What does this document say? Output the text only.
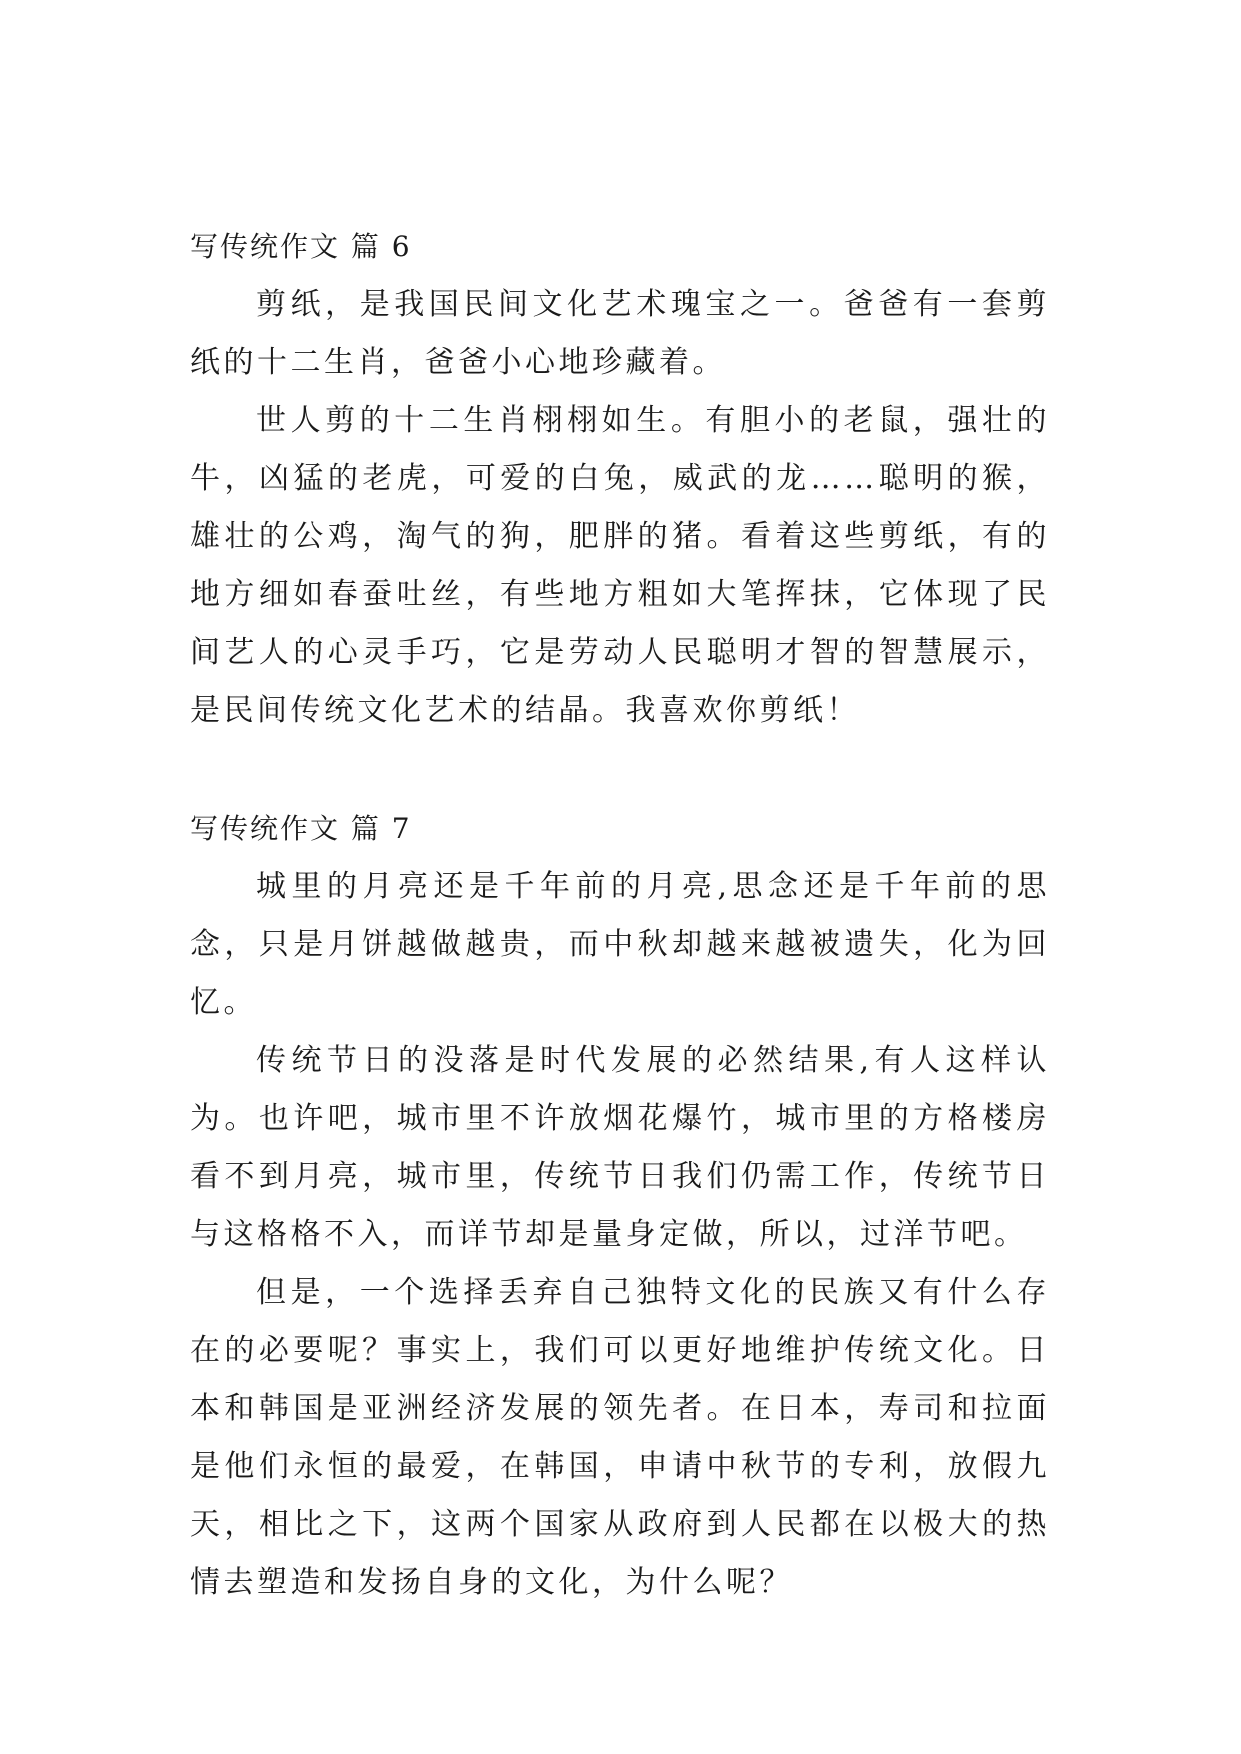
写传统作文 篇 6

剪纸，是我国民间文化艺术瑰宝之一。爸爸有一套剪纸的十二生肖，爸爸小心地珍藏着。

世人剪的十二生肖栩栩如生。有胆小的老鼠，强壮的牛，凶猛的老虎，可爱的白兔，威武的龙……聪明的猴，雄壮的公鸡，淘气的狗，肥胖的猪。看着这些剪纸，有的地方细如春蚕吐丝，有些地方粗如大笔挥抹，它体现了民间艺人的心灵手巧，它是劳动人民聪明才智的智慧展示，是民间传统文化艺术的结晶。我喜欢你剪纸！

写传统作文 篇 7

城里的月亮还是千年前的月亮,思念还是千年前的思念，只是月饼越做越贵，而中秋却越来越被遗失，化为回忆。

传统节日的没落是时代发展的必然结果,有人这样认为。也许吧，城市里不许放烟花爆竹，城市里的方格楼房看不到月亮，城市里，传统节日我们仍需工作，传统节日与这格格不入，而详节却是量身定做，所以，过洋节吧。

但是，一个选择丢弃自己独特文化的民族又有什么存在的必要呢？事实上，我们可以更好地维护传统文化。日本和韩国是亚洲经济发展的领先者。在日本，寿司和拉面是他们永恒的最爱，在韩国，申请中秋节的专利，放假九天，相比之下，这两个国家从政府到人民都在以极大的热情去塑造和发扬自身的文化，为什么呢？
